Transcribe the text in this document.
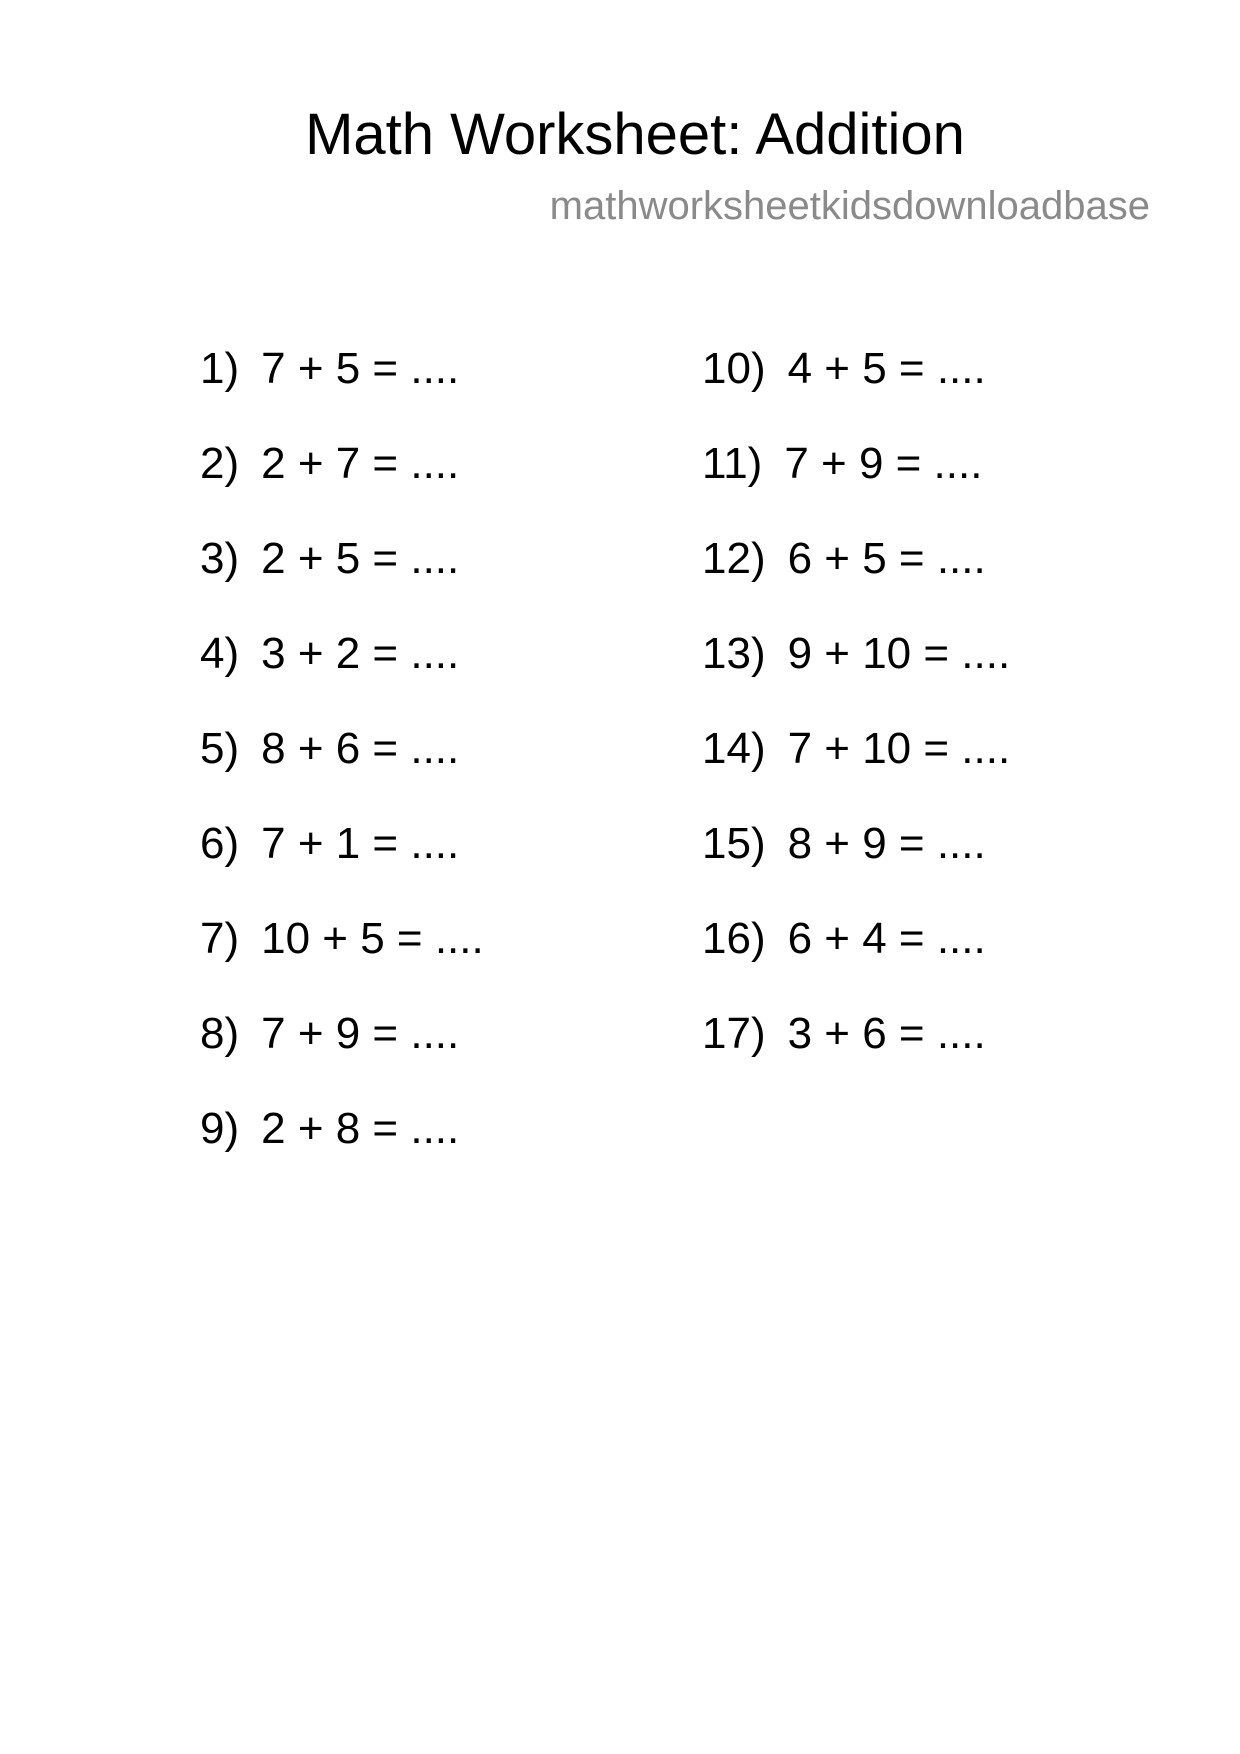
Math Worksheet: Addition
mathworksheetkidsdownloadbase
1) 7 + 5 = ....
2) 2 + 7 = ....
3) 2 + 5 = ....
4) 3 + 2 = ....
5) 8 + 6 = ....
6) 7 + 1 = ....
7) 10 + 5 = ....
8) 7 + 9 = ....
9) 2 + 8 = ....
10) 4 + 5 = ....
11) 7 + 9 = ....
12) 6 + 5 = ....
13) 9 + 10 = ....
14) 7 + 10 = ....
15) 8 + 9 = ....
16) 6 + 4 = ....
17) 3 + 6 = ....
